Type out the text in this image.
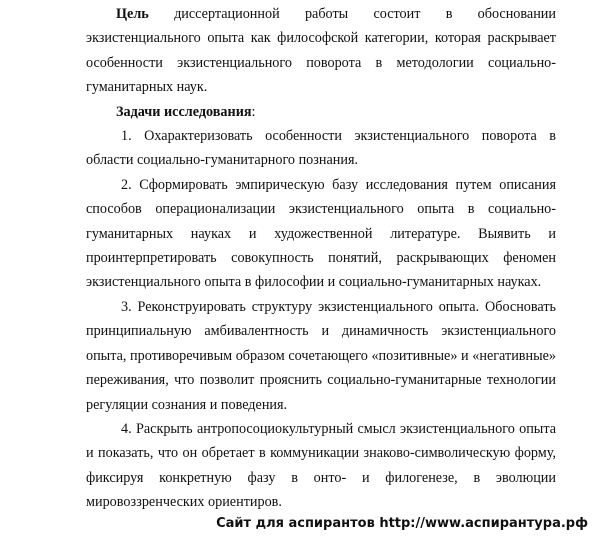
Цель диссертационной работы состоит в обосновании экзистенциального опыта как философской категории, которая раскрывает особенности экзистенциального поворота в методологии социально-гуманитарных наук.

Задачи исследования:

1. Охарактеризовать особенности экзистенциального поворота в области социально-гуманитарного познания.

2. Сформировать эмпирическую базу исследования путем описания способов операционализации экзистенциального опыта в социально-гуманитарных науках и художественной литературе. Выявить и проинтерпретировать совокупность понятий, раскрывающих феномен экзистенциального опыта в философии и социально-гуманитарных науках.

3. Реконструировать структуру экзистенциального опыта. Обосновать принципиальную амбивалентность и динамичность экзистенциального опыта, противоречивым образом сочетающего «позитивные» и «негативные» переживания, что позволит прояснить социально-гуманитарные технологии регуляции сознания и поведения.

4. Раскрыть антропосоциокультурный смысл экзистенциального опыта и показать, что он обретает в коммуникации знаково-символическую форму, фиксируя конкретную фазу в онто- и филогенезе, в эволюции мировоззренческих ориентиров.

Сайт для аспирантов http://www.аспирантура.рф
